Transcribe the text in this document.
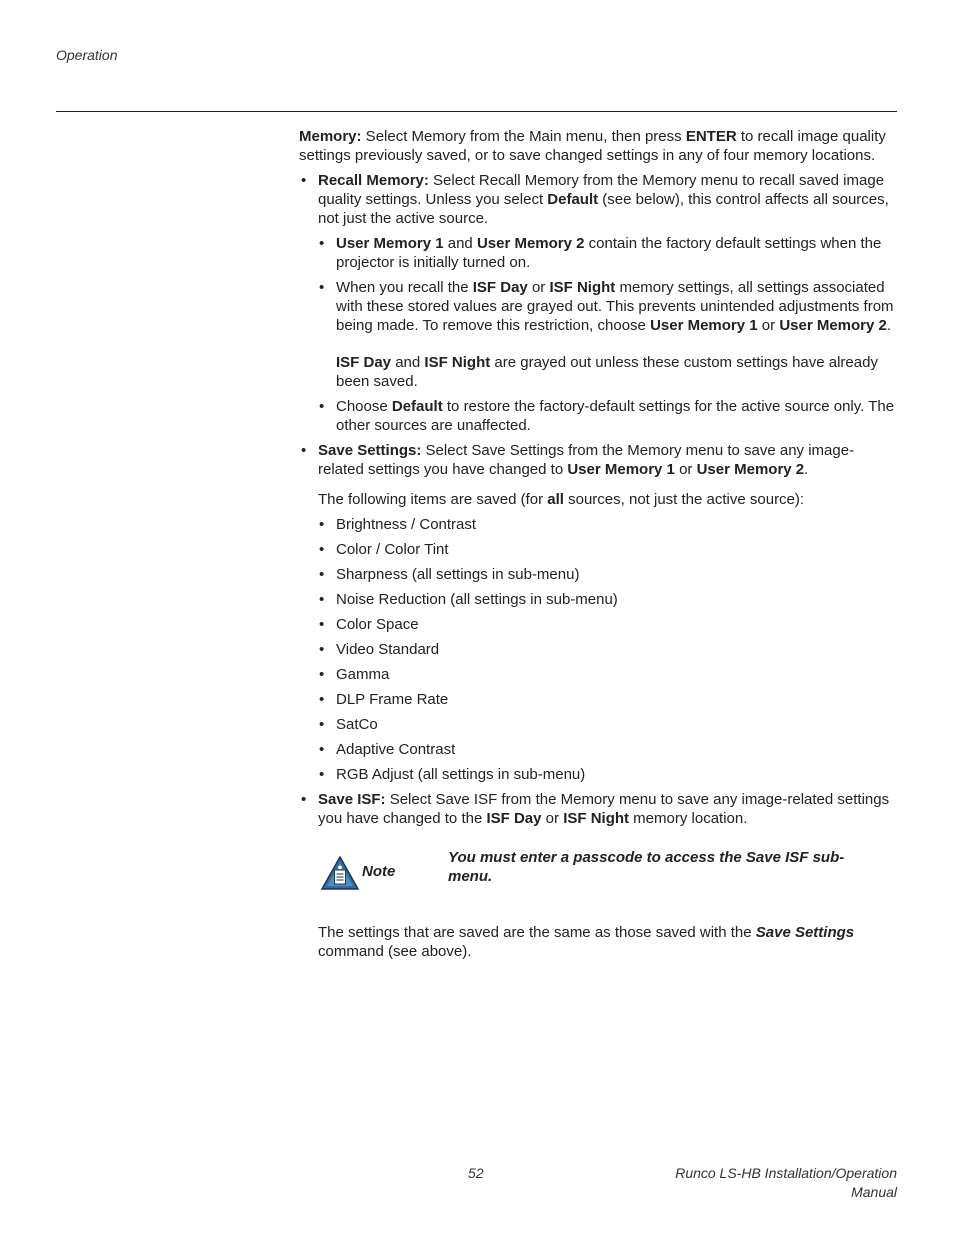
Operation

Memory: Select Memory from the Main menu, then press ENTER to recall image quality settings previously saved, or to save changed settings in any of four memory locations.

• Recall Memory: Select Recall Memory from the Memory menu to recall saved image quality settings. Unless you select Default (see below), this control affects all sources, not just the active source.
• User Memory 1 and User Memory 2 contain the factory default settings when the projector is initially turned on.
• When you recall the ISF Day or ISF Night memory settings, all settings associated with these stored values are grayed out. This prevents unintended adjustments from being made. To remove this restriction, choose User Memory 1 or User Memory 2.

ISF Day and ISF Night are grayed out unless these custom settings have already been saved.

• Choose Default to restore the factory-default settings for the active source only. The other sources are unaffected.
• Save Settings: Select Save Settings from the Memory menu to save any image-related settings you have changed to User Memory 1 or User Memory 2.

The following items are saved (for all sources, not just the active source):

• Brightness / Contrast
• Color / Color Tint
• Sharpness (all settings in sub-menu)
• Noise Reduction (all settings in sub-menu)
• Color Space
• Video Standard
• Gamma
• DLP Frame Rate
• SatCo
• Adaptive Contrast
• RGB Adjust (all settings in sub-menu)
• Save ISF: Select Save ISF from the Memory menu to save any image-related settings you have changed to the ISF Day or ISF Night memory location.
Note

You must enter a passcode to access the Save ISF sub-menu.

The settings that are saved are the same as those saved with the Save Settings command (see above).

52	Runco LS-HB Installation/Operation Manual
